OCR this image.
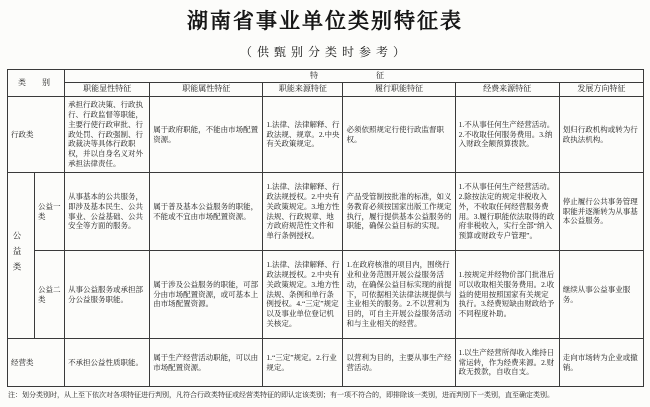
湖南省事业单位类别特征表
（供甄别分类时参考）
类　别		特　　征					
		职能显性特征	职能属性特征	职能来源特征	履行职能特征	经费来源特征	发展方向特征
行政类		承担行政决策、行政执行、行政监督等职能，主要行使行政审批、行政处罚、行政强制、行政裁决等具体行政职权，并以自身名义对外承担法律责任。	属于政府职能，不能由市场配置资源。	1.法律、法律解释、行政法规、规章。2.中央有关政策规定。	必须依照规定行使行政监督职权。	1.不从事任何生产经营活动。2.不收取任何服务费用。3.纳入财政全额预算拨款。	划归行政机构或转为行政执法机构。
公益类	公益一类	从事基本的公共服务，即涉及基本民生、公共事业、公益基础、公共安全等方面的服务。	属于普及基本公益服务的职能，不能或不宜由市场配置资源。	1.法律、法律解释、行政法规授权。2.中央有关政策规定。3.地方性法规、行政规章、地方政府规范性文件和单行条例授权。	产品受管制按批准的标准，如义务教育必须按国家出版工作规定执行，履行提供基本公益服务的职能，确保公益目标的实现。	1.不从事任何生产经营活动。2.除按法定的规定非税收入外，不收取任何经营服务费用。3.履行职能依法取得的政府非税收入，实行全部“纳入预算或财政专户管理”。	停止履行公共事务管理职能并逐渐转为从事基本公益服务。
	公益二类	从事公益服务或承担部分公益服务职能。	属于涉及公益服务的职能，可部分由市场配置资源，或可基本上由市场配置资源。	1.法律、法律解释、行政法规授权。2.中央有关政策规定。3.地方性法规、条例和单行条例授权。4.“三定”规定以及事业单位登记机关核定。	1.在政府核准的项目内，围绕行业和业务范围开展公益服务活动，在确保公益目标实现的前提下，可依据相关法律法规提供与主业相关的服务。2.不以营利为目的，可自主开展公益服务活动和与主业相关的经营。	1.按规定并经物价部门批准后可以收取相关服务费用。2.收益的使用按照国家有关规定执行。3.经费短缺由财政给予不同程度补助。	继续从事公益事业服务。
经营类		不承担公益性质职能。	属于生产经营活动职能，可以由市场配置资源。	1.“三定”规定。2.行业规定。	以营利为目的，主要从事生产经营活动。	1.以生产经营所得收入维持日常运转，作为经费来源。2.财政无拨款，自收自支。	走向市场转为企业或撤销。
注：划分类别时，从上至下依次对各项特征进行判别，凡符合行政类特征或经营类特征的即认定该类别；有一项不符合的，即排除该一类别，进而判别下一类别，直至确定类别。
